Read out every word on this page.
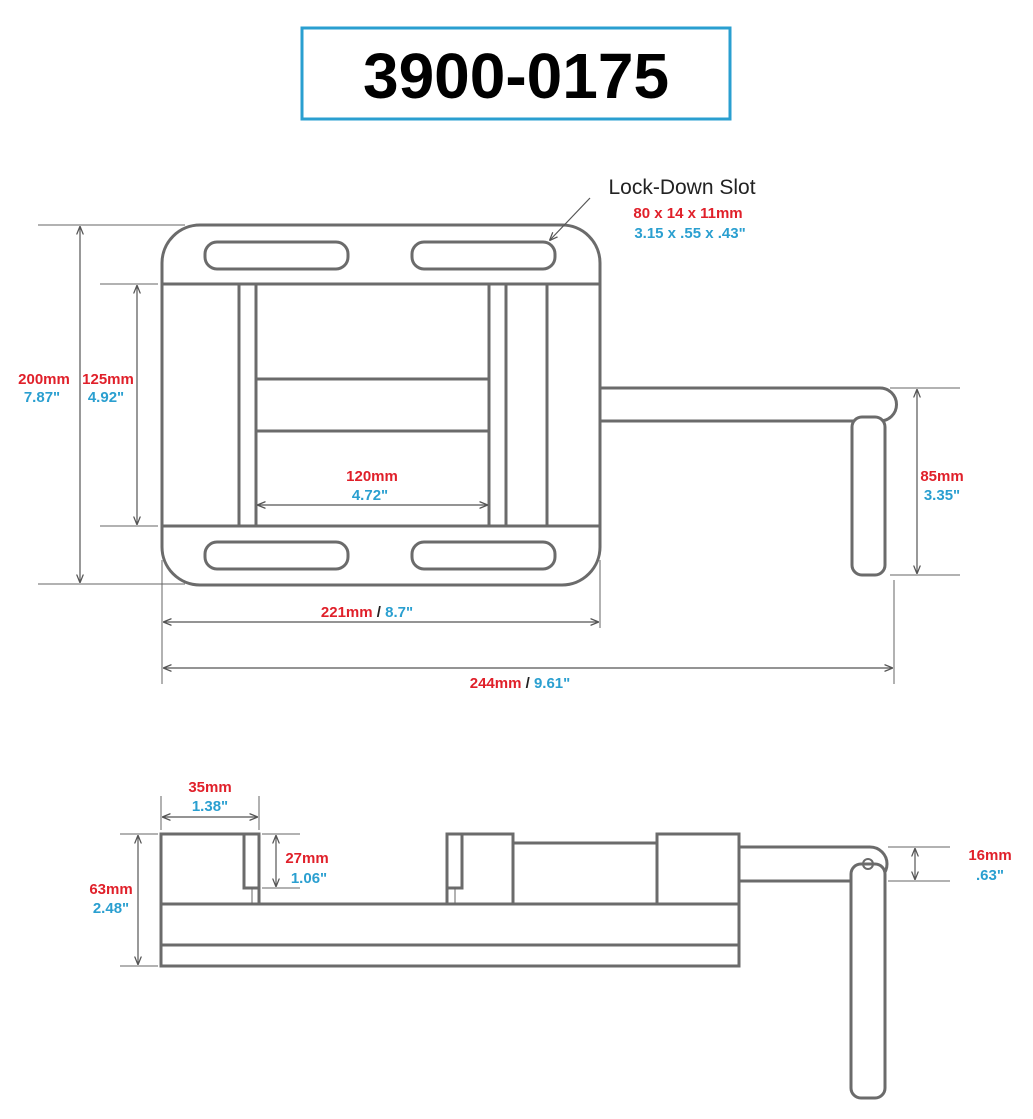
3900-0175
Lock-Down Slot
80 x 14 x 11mm
3.15 x .55 x .43"
200mm
7.87"
125mm
4.92"
120mm
4.72"
85mm
3.35"
221mm / 8.7"
244mm / 9.61"
35mm
1.38"
27mm
1.06"
63mm
2.48"
16mm
.63"
